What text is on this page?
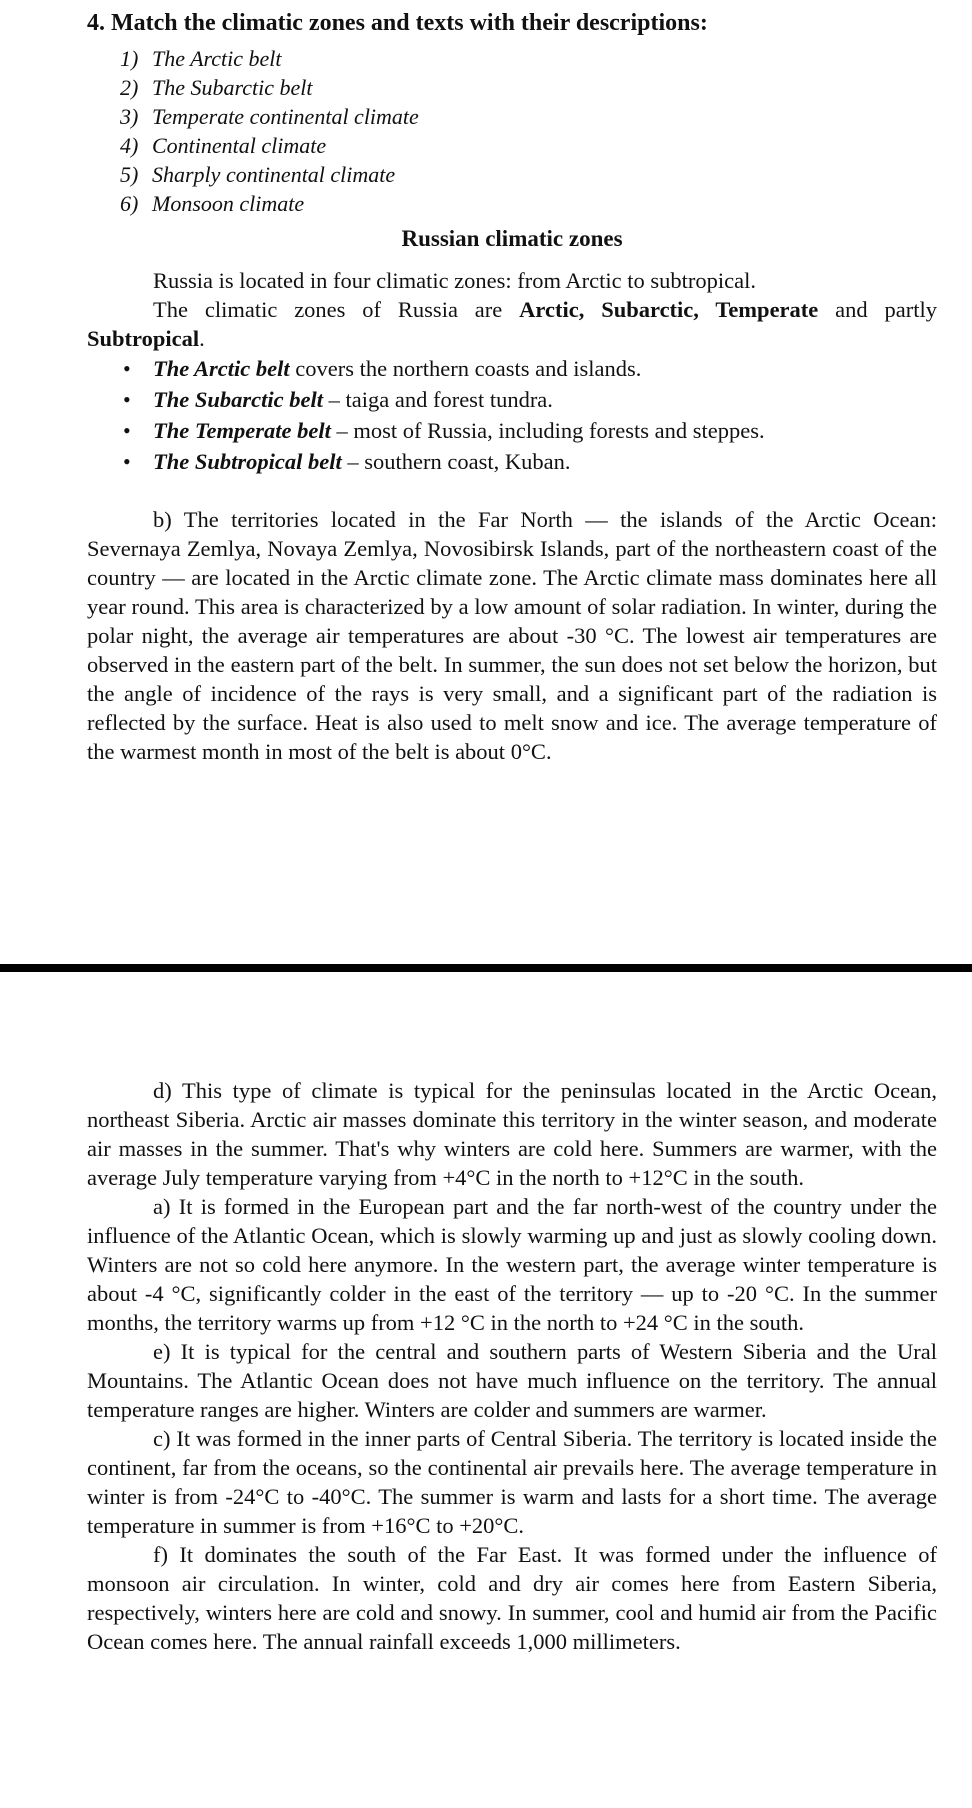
4. Match the climatic zones and texts with their descriptions:
1) The Arctic belt
2) The Subarctic belt
3) Temperate continental climate
4) Continental climate
5) Sharply continental climate
6) Monsoon climate
Russian climatic zones

Russia is located in four climatic zones: from Arctic to subtropical.

The climatic zones of Russia are Arctic, Subarctic, Temperate and partly Subtropical.

• The Arctic belt covers the northern coasts and islands.
• The Subarctic belt – taiga and forest tundra.
• The Temperate belt – most of Russia, including forests and steppes.
• The Subtropical belt – southern coast, Kuban.

b) The territories located in the Far North — the islands of the Arctic Ocean: Severnaya Zemlya, Novaya Zemlya, Novosibirsk Islands, part of the northeastern coast of the country — are located in the Arctic climate zone. The Arctic climate mass dominates here all year round. This area is characterized by a low amount of solar radiation. In winter, during the polar night, the average air temperatures are about -30 °C. The lowest air temperatures are observed in the eastern part of the belt. In summer, the sun does not set below the horizon, but the angle of incidence of the rays is very small, and a significant part of the radiation is reflected by the surface. Heat is also used to melt snow and ice. The average temperature of the warmest month in most of the belt is about 0°C.

d) This type of climate is typical for the peninsulas located in the Arctic Ocean, northeast Siberia. Arctic air masses dominate this territory in the winter season, and moderate air masses in the summer. That's why winters are cold here. Summers are warmer, with the average July temperature varying from +4°C in the north to +12°C in the south.

a) It is formed in the European part and the far north-west of the country under the influence of the Atlantic Ocean, which is slowly warming up and just as slowly cooling down. Winters are not so cold here anymore. In the western part, the average winter temperature is about -4 °C, significantly colder in the east of the territory — up to -20 °C. In the summer months, the territory warms up from +12 °C in the north to +24 °C in the south.

e) It is typical for the central and southern parts of Western Siberia and the Ural Mountains. The Atlantic Ocean does not have much influence on the territory. The annual temperature ranges are higher. Winters are colder and summers are warmer.

c) It was formed in the inner parts of Central Siberia. The territory is located inside the continent, far from the oceans, so the continental air prevails here. The average temperature in winter is from -24°C to -40°C. The summer is warm and lasts for a short time. The average temperature in summer is from +16°C to +20°C.

f) It dominates the south of the Far East. It was formed under the influence of monsoon air circulation. In winter, cold and dry air comes here from Eastern Siberia, respectively, winters here are cold and snowy. In summer, cool and humid air from the Pacific Ocean comes here. The annual rainfall exceeds 1,000 millimeters.
